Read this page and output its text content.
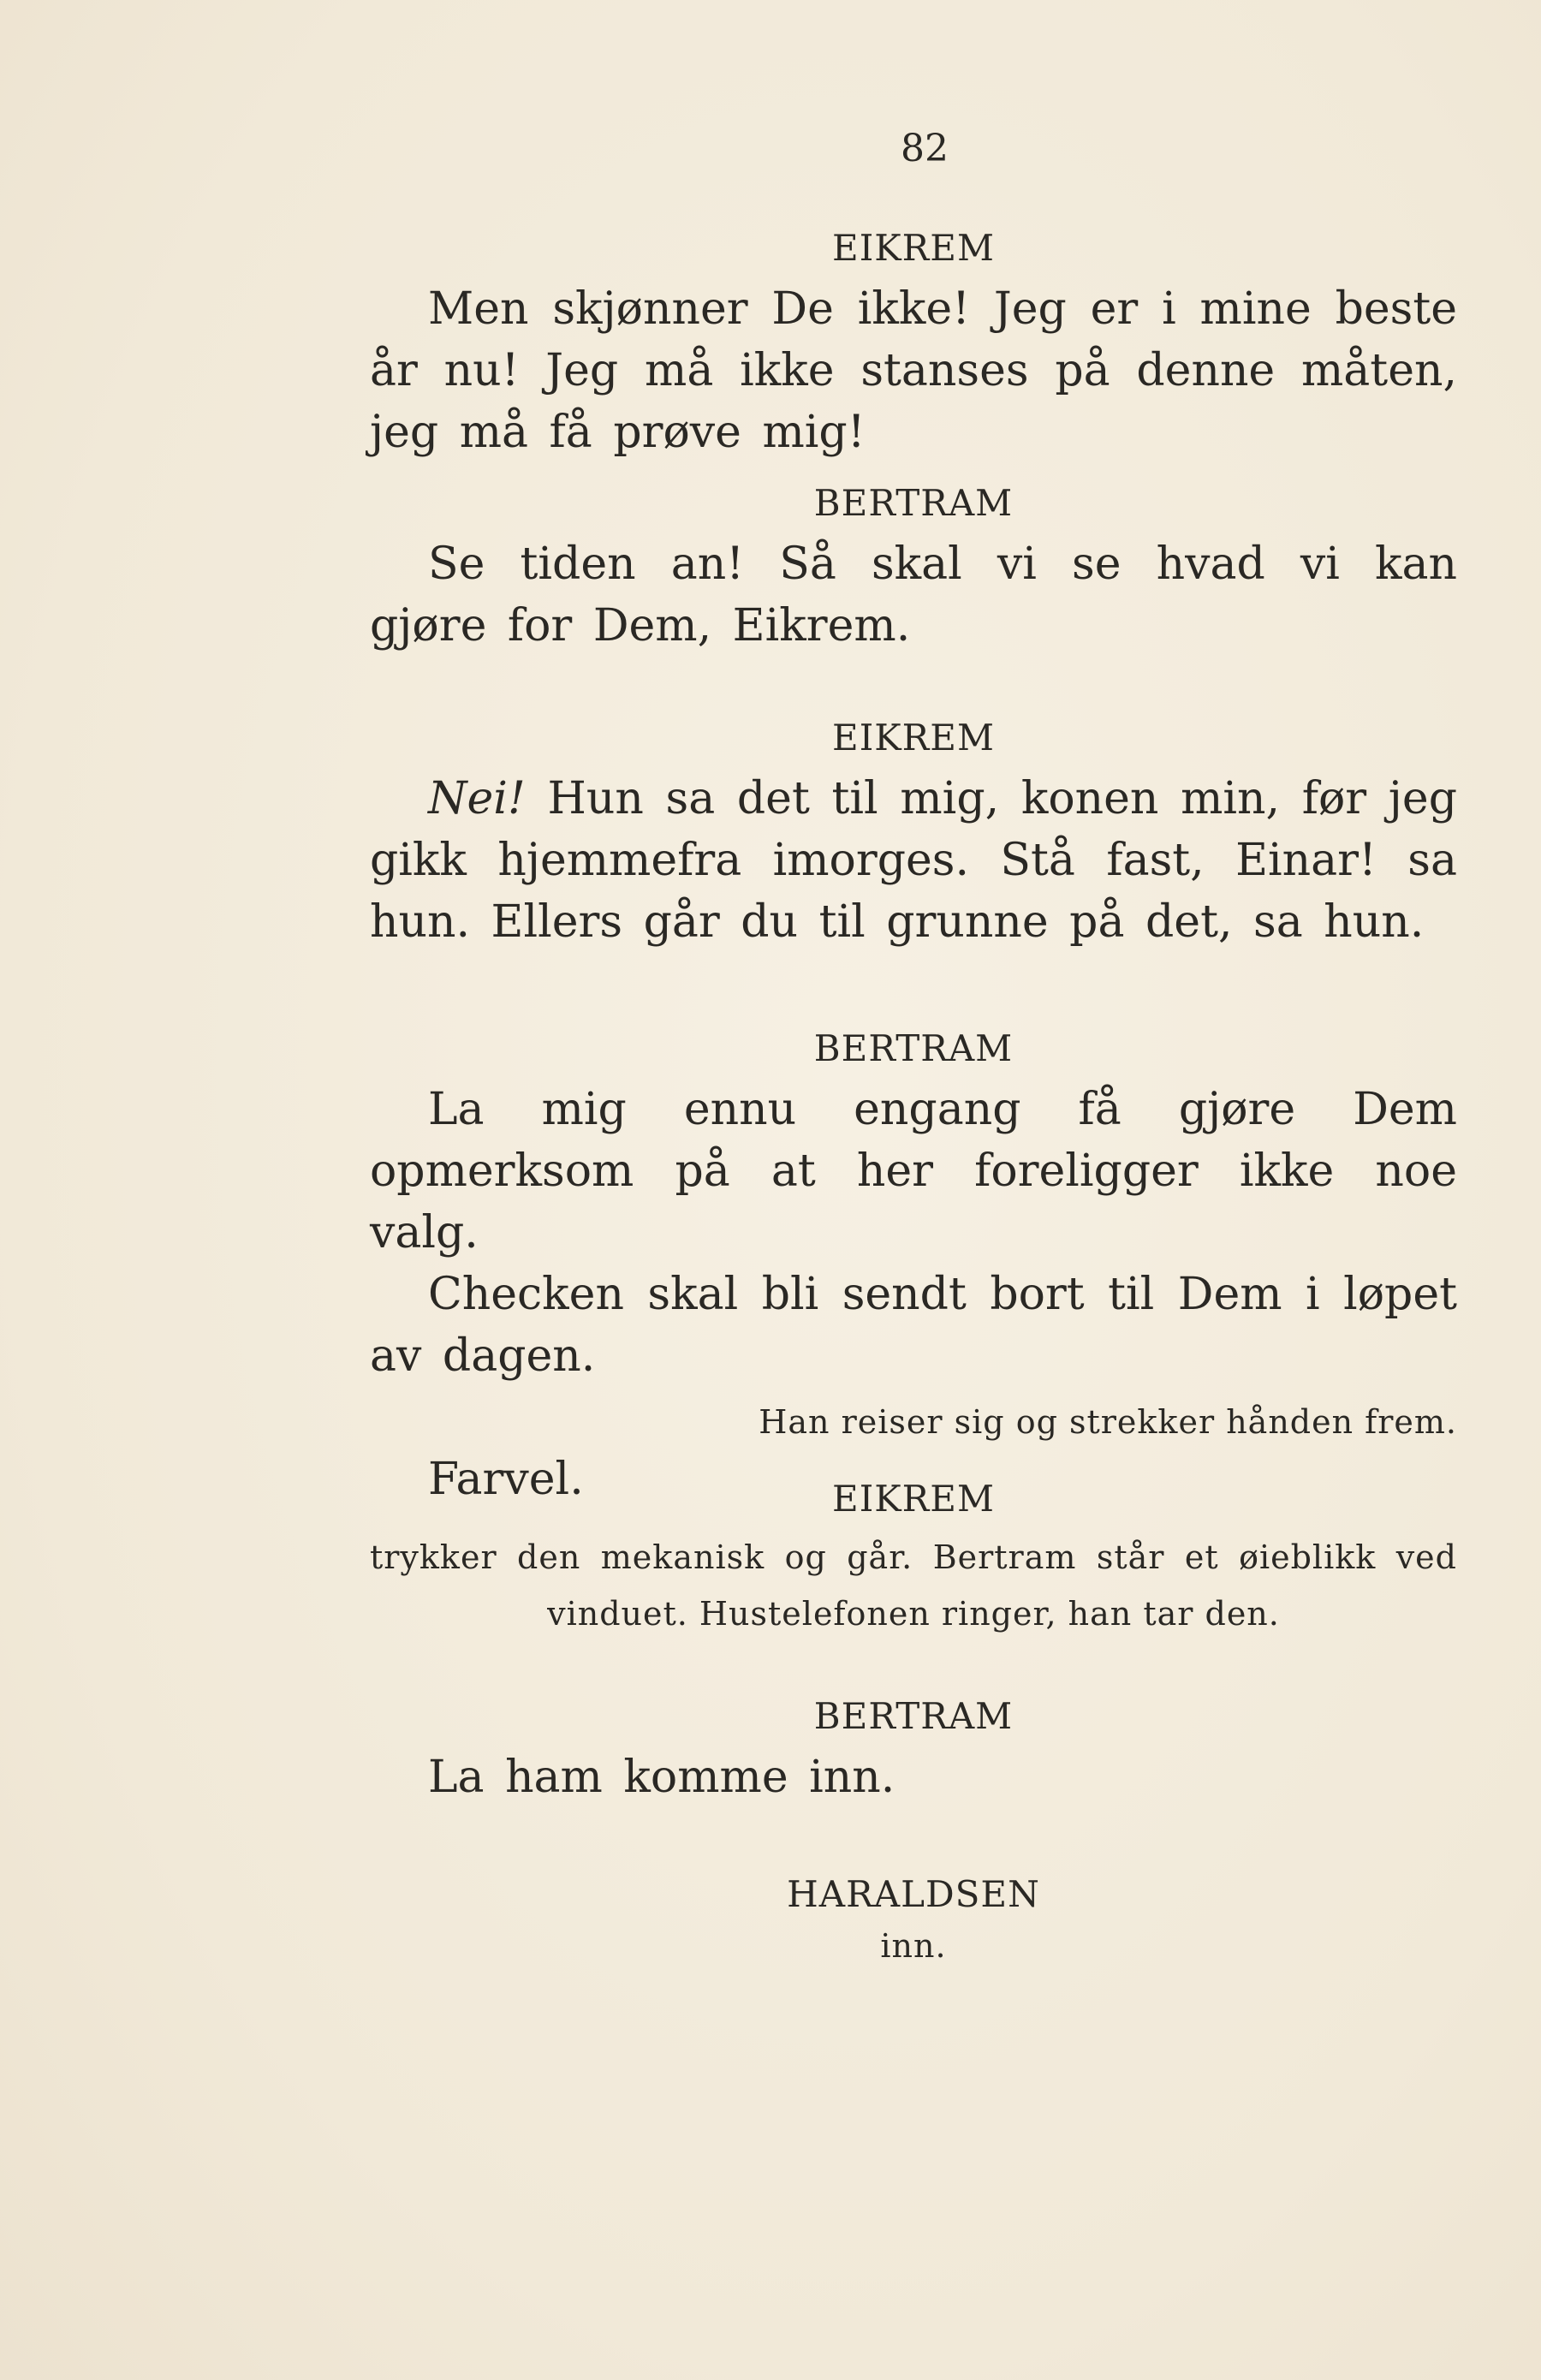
82
EIKREM
Men skjønner De ikke! Jeg er i mine beste år nu! Jeg må ikke stanses på denne måten, jeg må få prøve mig!
BERTRAM
Se tiden an! Så skal vi se hvad vi kan gjøre for Dem, Eikrem.
EIKREM
Nei! Hun sa det til mig, konen min, før jeg gikk hjemmefra imorges. Stå fast, Einar! sa hun. Ellers går du til grunne på det, sa hun.
BERTRAM
La mig ennu engang få gjøre Dem opmerksom på at her foreligger ikke noe valg.
Checken skal bli sendt bort til Dem i løpet av dagen.
Han reiser sig og strekker hånden frem.
Farvel.	EIKREM
trykker den mekanisk og går. Bertram står et øieblikk ved vinduet. Hustelefonen ringer, han tar den.
BERTRAM
La ham komme inn.
HARALDSEN
inn.
